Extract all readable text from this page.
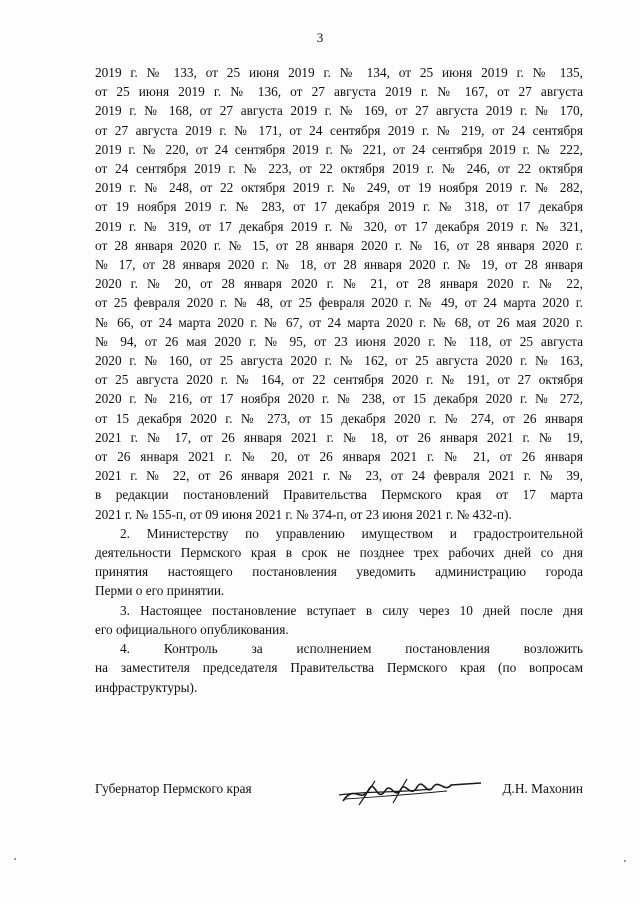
3

2019 г. № 133, от 25 июня 2019 г. № 134, от 25 июня 2019 г. № 135,

от 25 июня 2019 г. № 136, от 27 августа 2019 г. № 167, от 27 августа

2019 г. № 168, от 27 августа 2019 г. № 169, от 27 августа 2019 г. № 170,

от 27 августа 2019 г. № 171, от 24 сентября 2019 г. № 219, от 24 сентября

2019 г. № 220, от 24 сентября 2019 г. № 221, от 24 сентября 2019 г. № 222,

от 24 сентября 2019 г. № 223, от 22 октября 2019 г. № 246, от 22 октября

2019 г. № 248, от 22 октября 2019 г. № 249, от 19 ноября 2019 г. № 282,

от 19 ноября 2019 г. № 283, от 17 декабря 2019 г. № 318, от 17 декабря

2019 г. № 319, от 17 декабря 2019 г. № 320, от 17 декабря 2019 г. № 321,

от 28 января 2020 г. № 15, от 28 января 2020 г. № 16, от 28 января 2020 г.

№ 17, от 28 января 2020 г. № 18, от 28 января 2020 г. № 19, от 28 января

2020 г. № 20, от 28 января 2020 г. № 21, от 28 января 2020 г. № 22,

от 25 февраля 2020 г. № 48, от 25 февраля 2020 г. № 49, от 24 марта 2020 г.

№ 66, от 24 марта 2020 г. № 67, от 24 марта 2020 г. № 68, от 26 мая 2020 г.

№ 94, от 26 мая 2020 г. № 95, от 23 июня 2020 г. № 118, от 25 августа

2020 г. № 160, от 25 августа 2020 г. № 162, от 25 августа 2020 г. № 163,

от 25 августа 2020 г. № 164, от 22 сентября 2020 г. № 191, от 27 октября

2020 г. № 216, от 17 ноября 2020 г. № 238, от 15 декабря 2020 г. № 272,

от 15 декабря 2020 г. № 273, от 15 декабря 2020 г. № 274, от 26 января

2021 г. № 17, от 26 января 2021 г. № 18, от 26 января 2021 г. № 19,

от 26 января 2021 г. № 20, от 26 января 2021 г. № 21, от 26 января

2021 г. № 22, от 26 января 2021 г. № 23, от 24 февраля 2021 г. № 39,

в редакции постановлений Правительства Пермского края от 17 марта

2021 г. № 155-п, от 09 июня 2021 г. № 374-п, от 23 июня 2021 г. № 432-п).

2. Министерству по управлению имуществом и градостроительной

деятельности Пермского края в срок не позднее трех рабочих дней со дня

принятия настоящего постановления уведомить администрацию города

Перми о его принятии.

3. Настоящее постановление вступает в силу через 10 дней после дня

его официального опубликования.

4. Контроль за исполнением постановления возложить

на заместителя председателя Правительства Пермского края (по вопросам

инфраструктуры).

Губернатор Пермского края	Д.Н. Махонин
